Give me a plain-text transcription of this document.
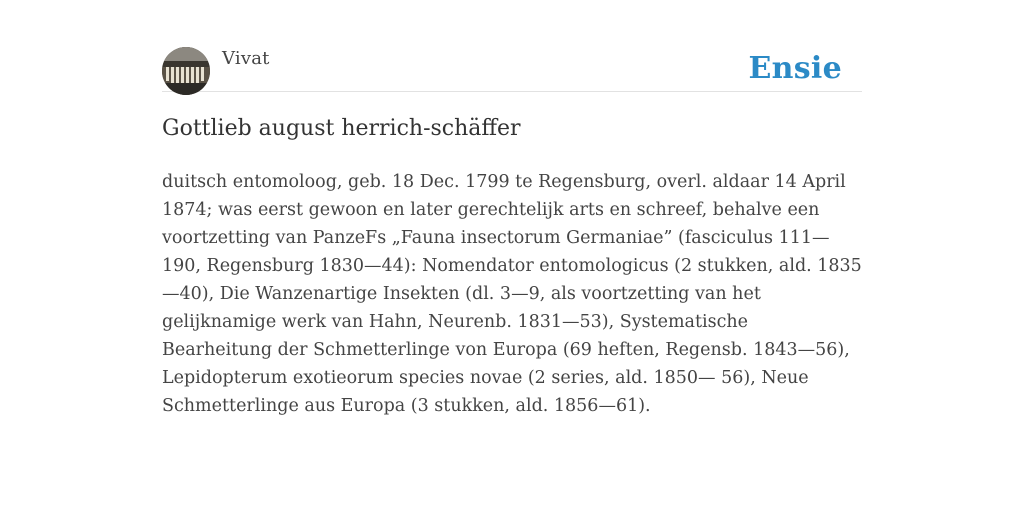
Vivat	Ensie
Gottlieb august herrich-schäffer

duitsch entomoloog, geb. 18 Dec. 1799 te Regensburg, overl. aldaar 14 April 1874; was eerst gewoon en later gerechtelijk arts en schreef, behalve een voortzetting van PanzeFs „Fauna insectorum Germaniae” (fasciculus 111—190, Regensburg 1830—44): Nomendator entomologicus (2 stukken, ald. 1835—40), Die Wanzenartige Insekten (dl. 3—9, als voortzetting van het gelijknamige werk van Hahn, Neurenb. 1831—53), Systematische Bearheitung der Schmetterlinge von Europa (69 heften, Regensb. 1843—56), Lepidopterum exotieorum species novae (2 series, ald. 1850— 56), Neue Schmetterlinge aus Europa (3 stukken, ald. 1856—61).
